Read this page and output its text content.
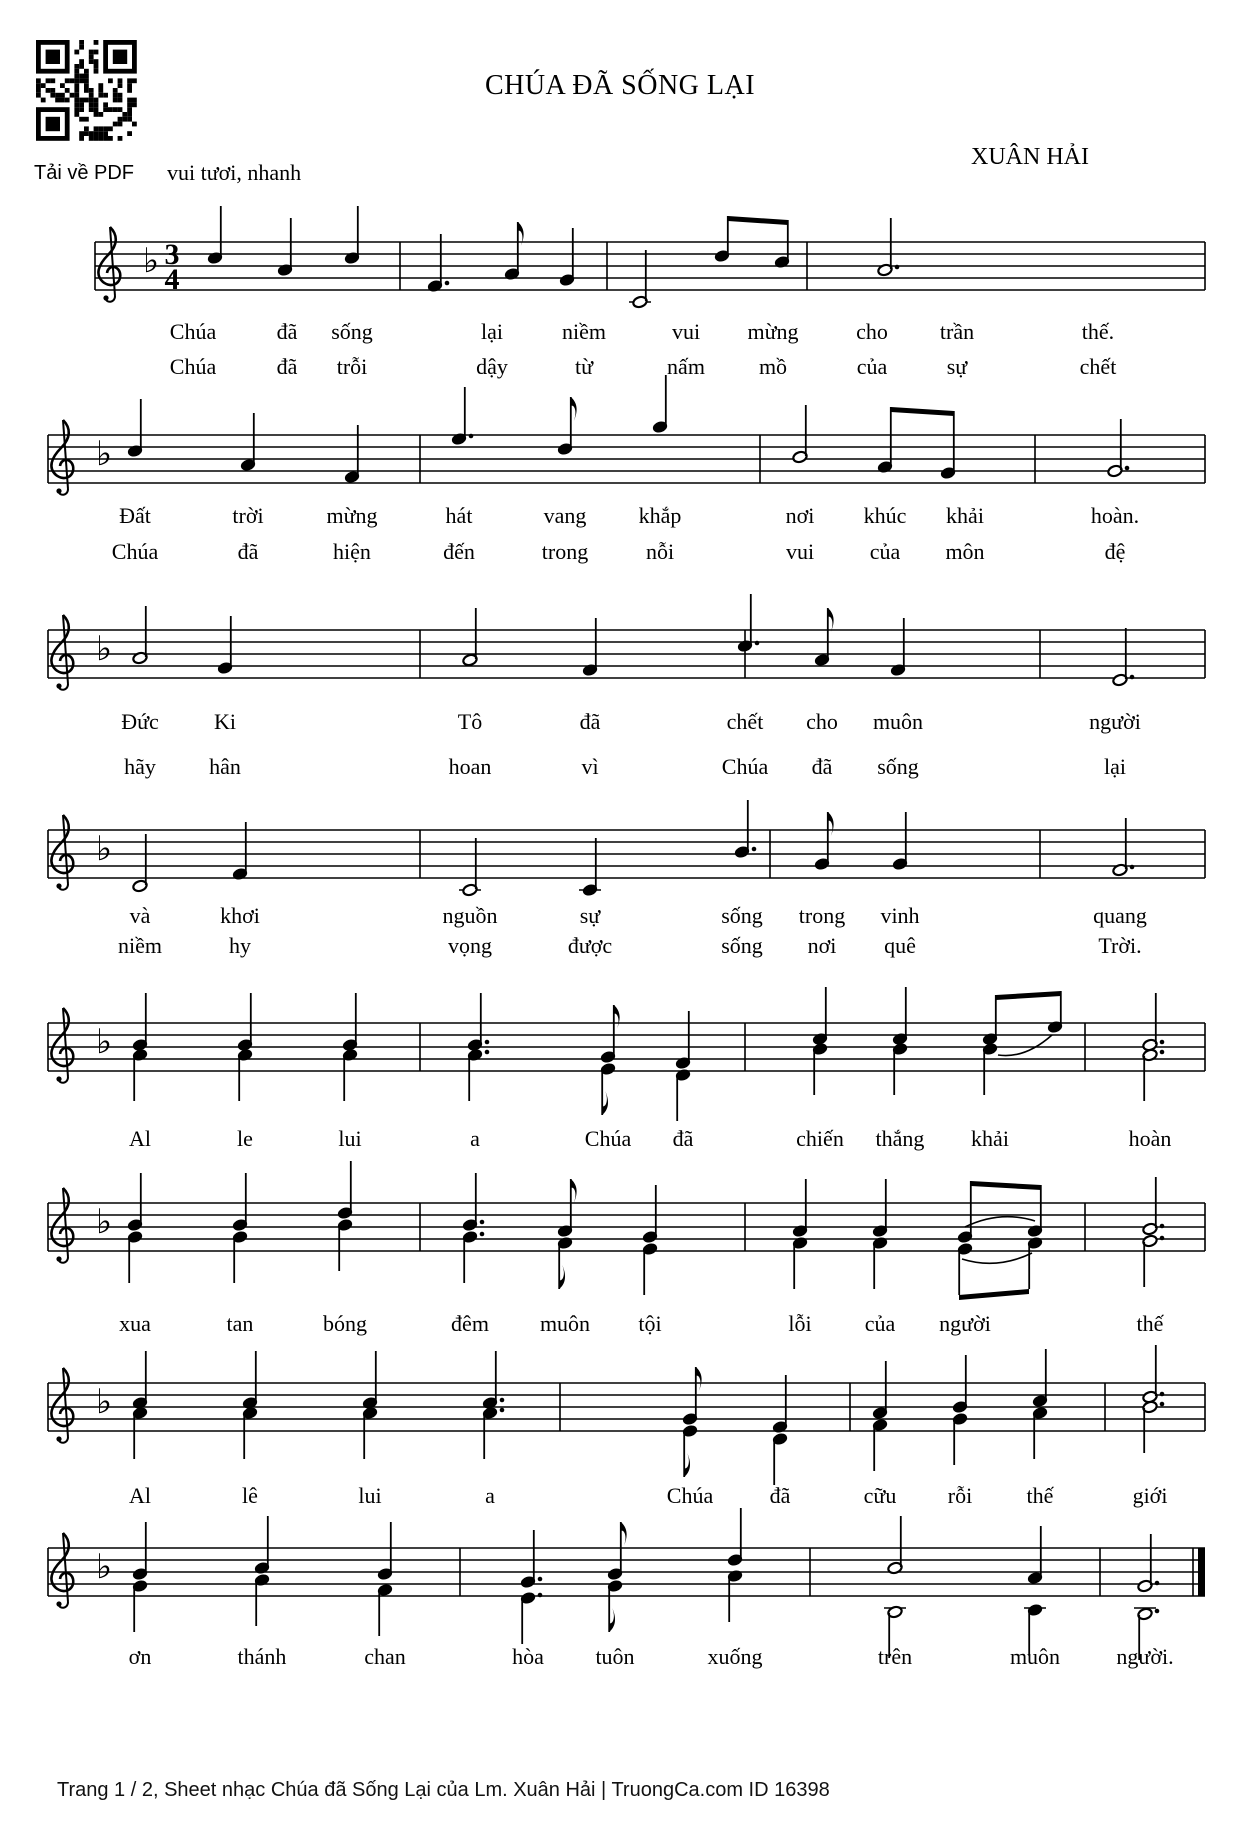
♭ 3
4
♭
♭
♭
♭
♭
♭
♭
Tải về PDF
CHÚA ĐÃ SỐNG LẠI
XUÂN HẢI
vui tươi, nhanh
Chúa	đã sống	lại	niềm	vui mừng	cho trần	thế.
Chúa	đã trỗi	dậy	từ	nấm mồ	của	sự	chết
Đất	trời	mừng	hát	vang khắp	nơi khúc khải	hoàn.
Chúa	đã	hiện	đến	trong	nỗi	vui	của môn	đệ
Đức	Ki	Tô	đã	chết cho muôn	người
hãy hân	hoan	vì	Chúa đã sống	lại
và	khơi	nguồn	sự	sống trong vinh	quang
niềm	hy	vọng	được	sống nơi quê	Trời.
Al	le	lui	a	Chúa đã	chiến thắng khải	hoàn
xua	tan	bóng	đêm muôn tội	lỗi của người	thế
Al	lê	lui	a	Chúa	đã	cữu rỗi thế	giới
ơn	thánh	chan	hòa tuôn	xuống	trên	muôn	người.
Trang 1 / 2, Sheet nhạc Chúa đã Sống Lại của Lm. Xuân Hải | TruongCa.com ID 16398
